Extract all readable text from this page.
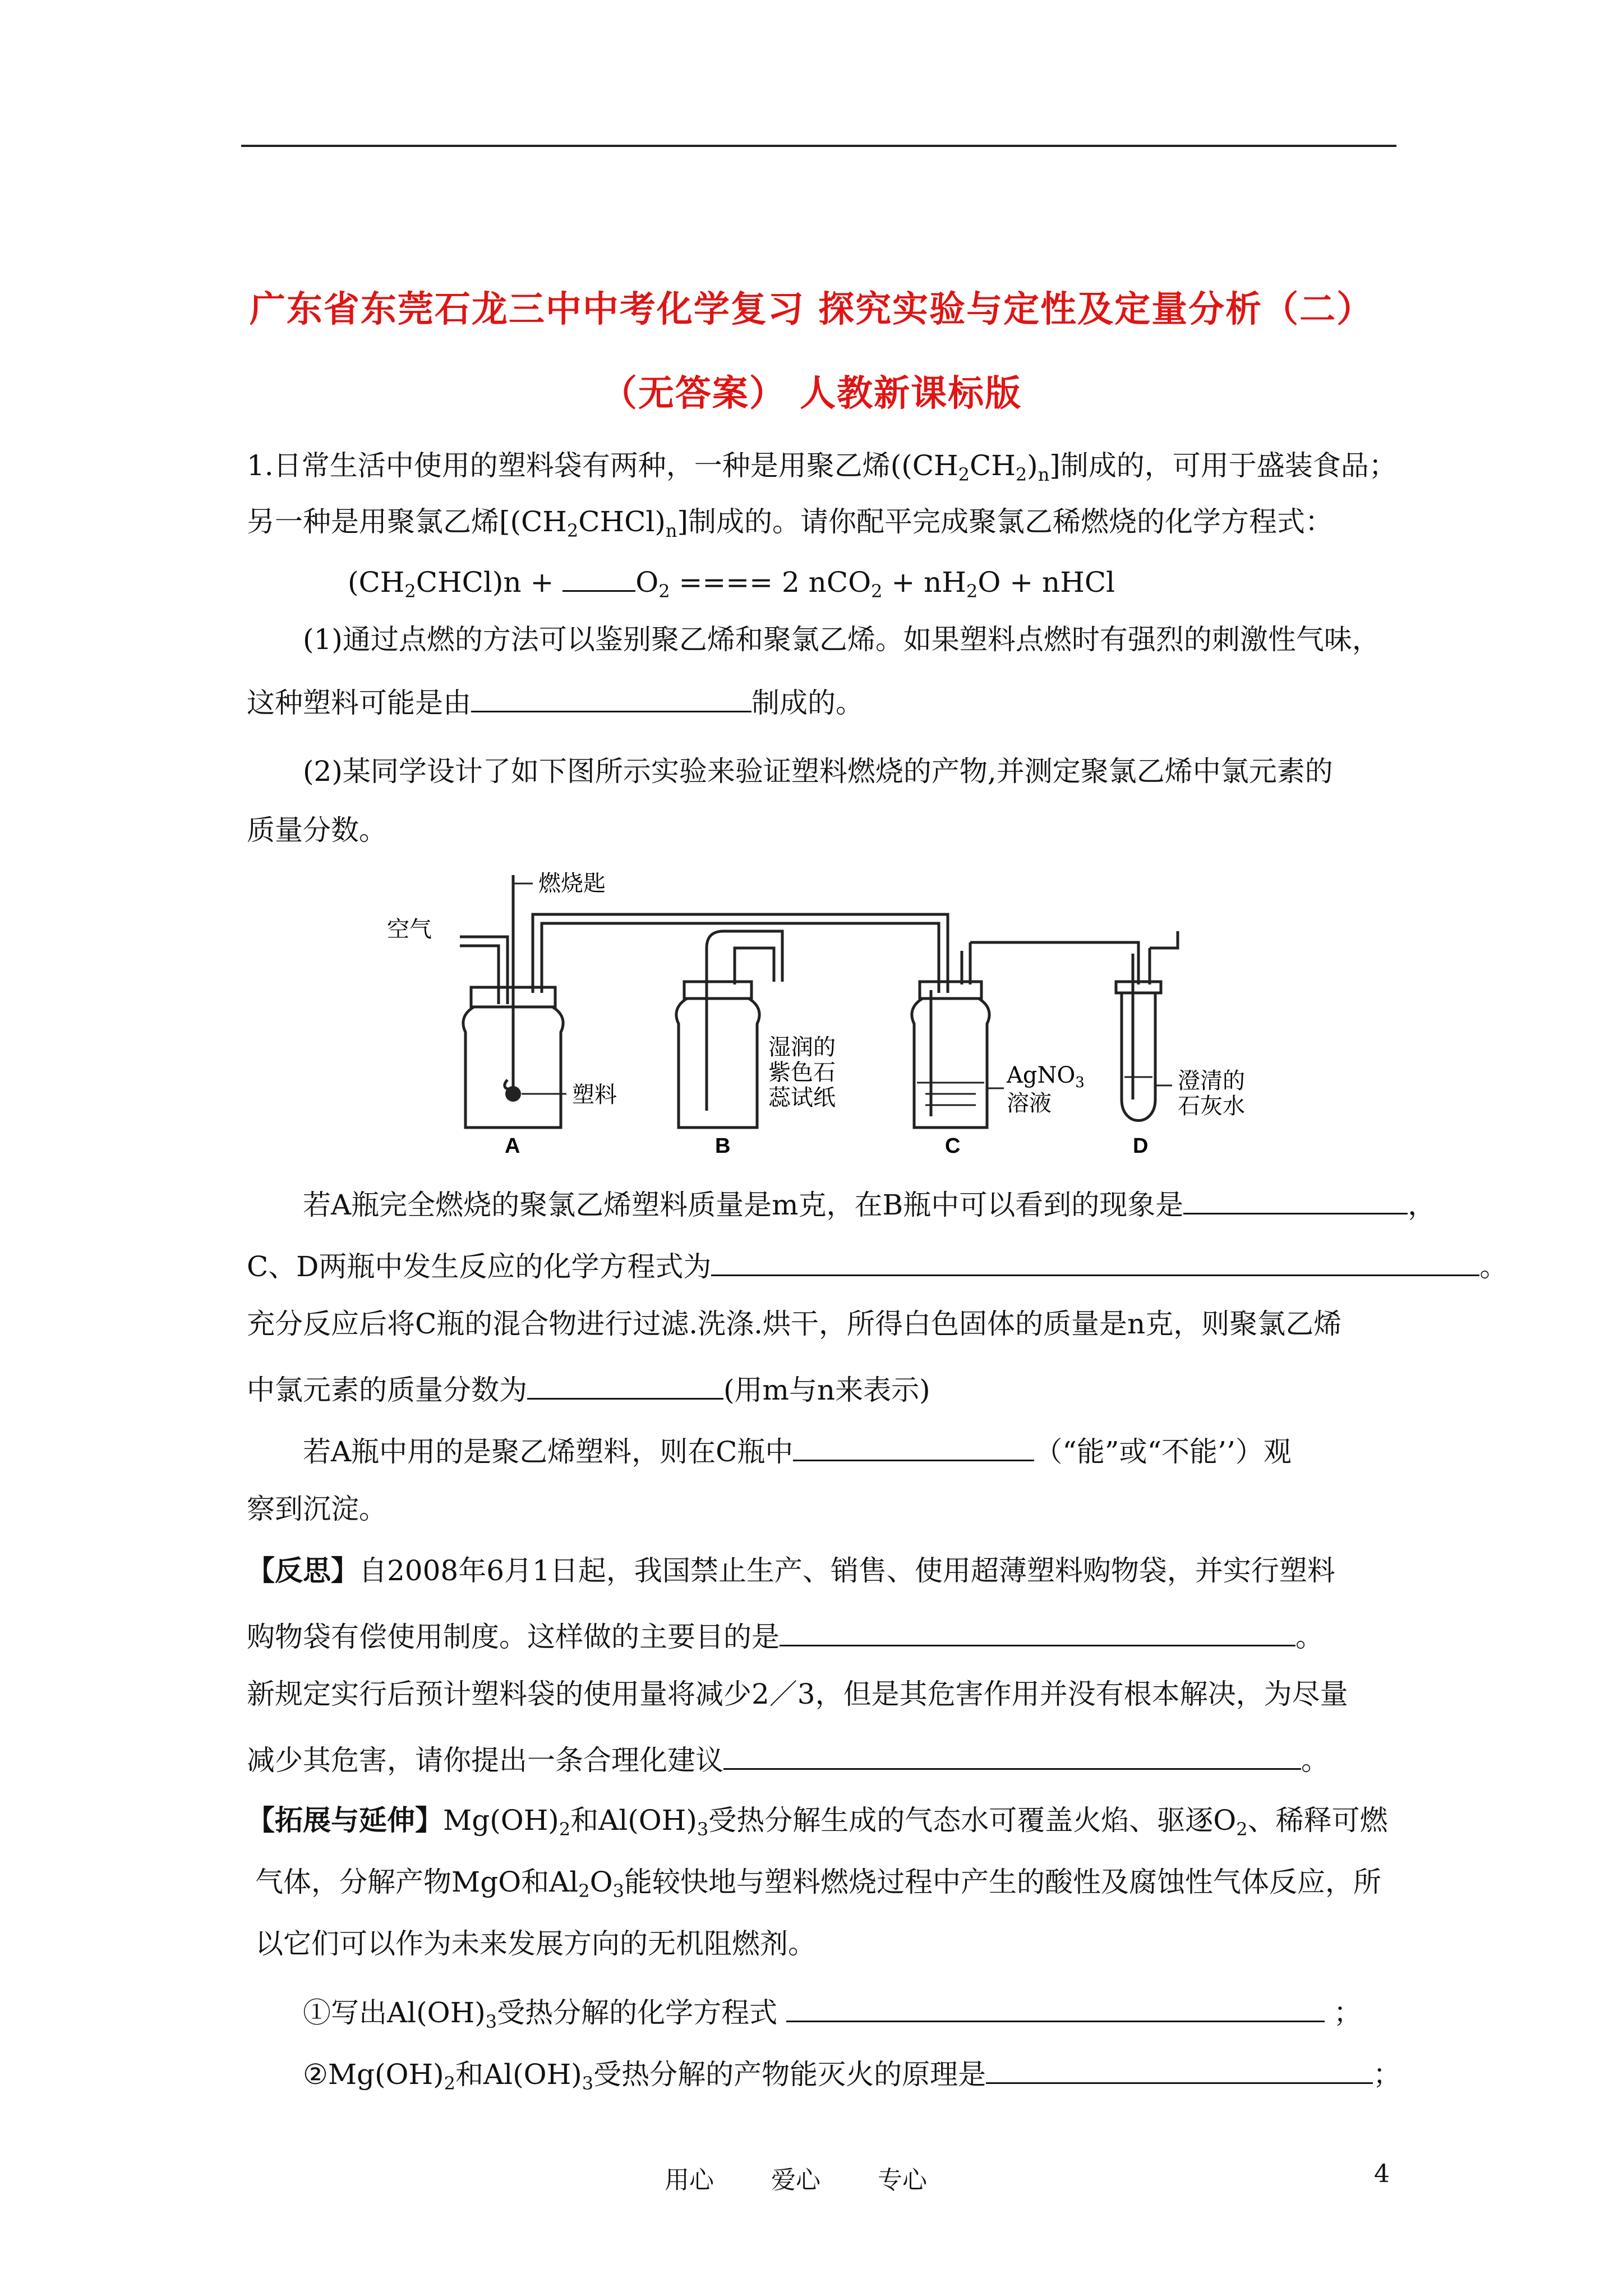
广东省东莞石龙三中中考化学复习 探究实验与定性及定量分析（二）
（无答案） 人教新课标版
1.日常生活中使用的塑料袋有两种，一种是用聚乙烯$((CH_2CH_2)_n]$制成的，可用于盛装食品；
另一种是用聚氯乙烯$[(CH_2CHCl)_n]$制成的。请你配平完成聚氯乙稀燃烧的化学方程式：
$(CH_2CHCl)n$ +	$O_2$ ==== 2 $nCO_2 + nH_2O$ + nHCl
(1)通过点燃的方法可以鉴别聚乙烯和聚氯乙烯。如果塑料点燃时有强烈的刺激性气味，
这种塑料可能是由	制成的。
(2)某同学设计了如下图所示实验来验证塑料燃烧的产物,并测定聚氯乙烯中氯元素的
质量分数。
燃烧匙
空气
塑料
湿润的
紫色石
蕊试纸
AgNO$_3$
溶液
澄清的
石灰水
A	B	C	D
若A瓶完全燃烧的聚氯乙烯塑料质量是m克，在B瓶中可以看到的现象是	，
C、D两瓶中发生反应的化学方程式为	。
充分反应后将C瓶的混合物进行过滤.洗涤.烘干，所得白色固体的质量是n克，则聚氯乙烯
中氯元素的质量分数为	(用m与n来表示)
若A瓶中用的是聚乙烯塑料，则在C瓶中	（“能”或“不能’’）观
察到沉淀。
【反思】自2008年6月1日起，我国禁止生产、销售、使用超薄塑料购物袋，并实行塑料
购物袋有偿使用制度。这样做的主要目的是	。
新规定实行后预计塑料袋的使用量将减少2／3，但是其危害作用并没有根本解决，为尽量
减少其危害，请你提出一条合理化建议	。
【拓展与延伸】$Mg(OH)_2$和$Al(OH)_3$受热分解生成的气态水可覆盖火焰、驱逐$O_2$、稀释可燃
气体，分解产物MgO和$Al_2O_3$能较快地与塑料燃烧过程中产生的酸性及腐蚀性气体反应，所
以它们可以作为未来发展方向的无机阻燃剂。
①写出$Al(OH)_3$受热分解的化学方程式	；
$②Mg(OH)_2$和$Al(OH)_3$受热分解的产物能灭火的原理是	；
用心 爱心 专心	4
